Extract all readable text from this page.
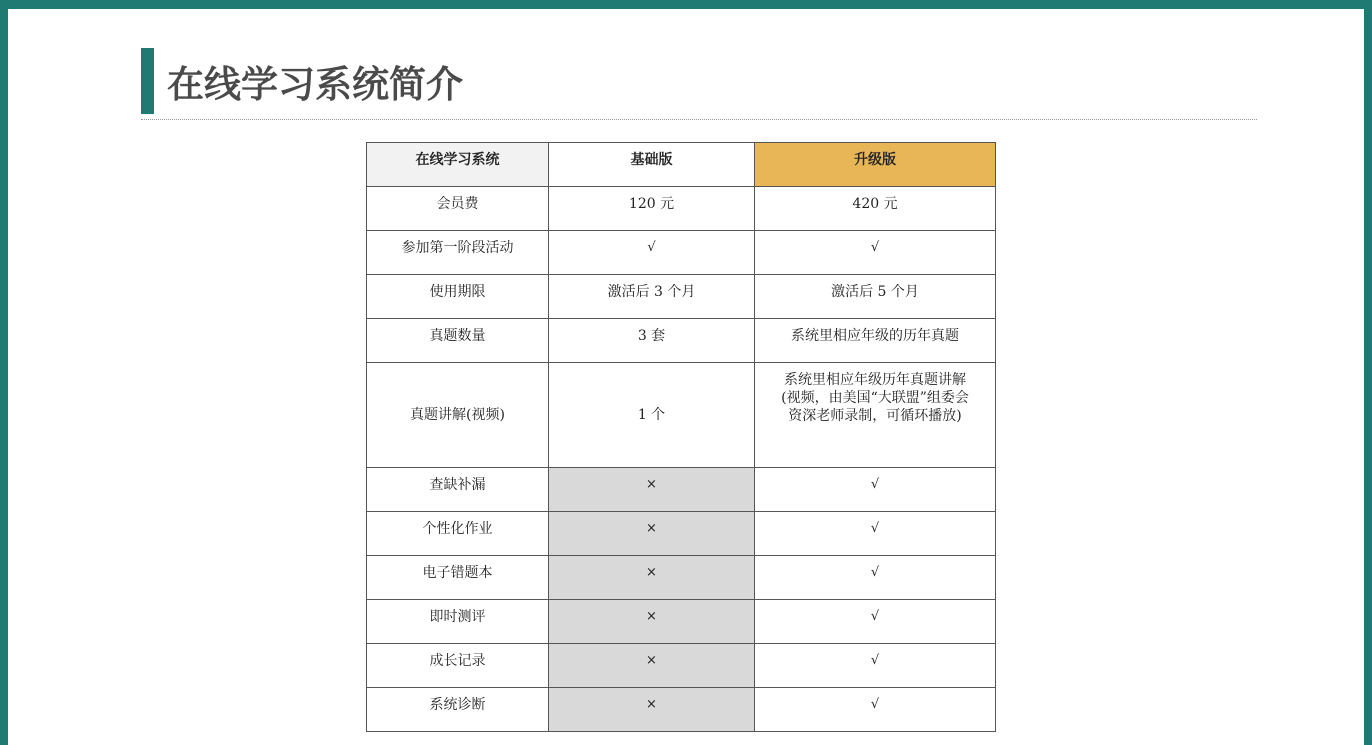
在线学习系统简介
在线学习系统	基础版	升级版
会员费	120 元	420 元
参加第一阶段活动	√	√
使用期限	激活后 3 个月	激活后 5 个月
真题数量	3 套	系统里相应年级的历年真题
真题讲解(视频)	1 个	系统里相应年级历年真题讲解
(视频，由美国“大联盟”组委会
资深老师录制，可循环播放)

查缺补漏	×	√
个性化作业	×	√
电子错题本	×	√
即时测评	×	√
成长记录	×	√
系统诊断	×	√
